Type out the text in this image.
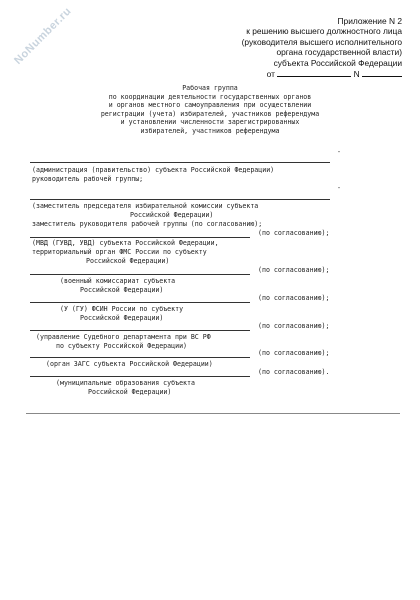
NoNumber.ru	Приложение N 2
к решению высшего должностного лица
(руководителя высшего исполнительного
органа государственной власти)
субъекта Российской Федерации
от	N
Рабочая группа
по координации деятельности государственных органов
и органов местного самоуправления при осуществлении
регистрации (учета) избирателей, участников референдума
и установлении численности зарегистрированных
избирателей, участников референдума
-
(администрация (правительство) субъекта Российской Федерации)
руководитель рабочей группы;
-
(заместитель председателя избирательной комиссии субъекта
Российской Федерации)
заместитель руководителя рабочей группы (по согласованию);
(по согласованию);
(МВД (ГУВД, УВД) субъекта Российской Федерации,
территориальный орган ФМС России по субъекту
Российской Федерации)
(по согласованию);
(военный комиссариат субъекта
Российской Федерации)
(по согласованию);
(У (ГУ) ФСИН России по субъекту
Российской Федерации)
(по согласованию);
(управление Судебного департамента при ВС РФ
по субъекту Российской Федерации)
(по согласованию);
(орган ЗАГС субъекта Российской Федерации)
(по согласованию).
(муниципальные образования субъекта
Российской Федерации)
